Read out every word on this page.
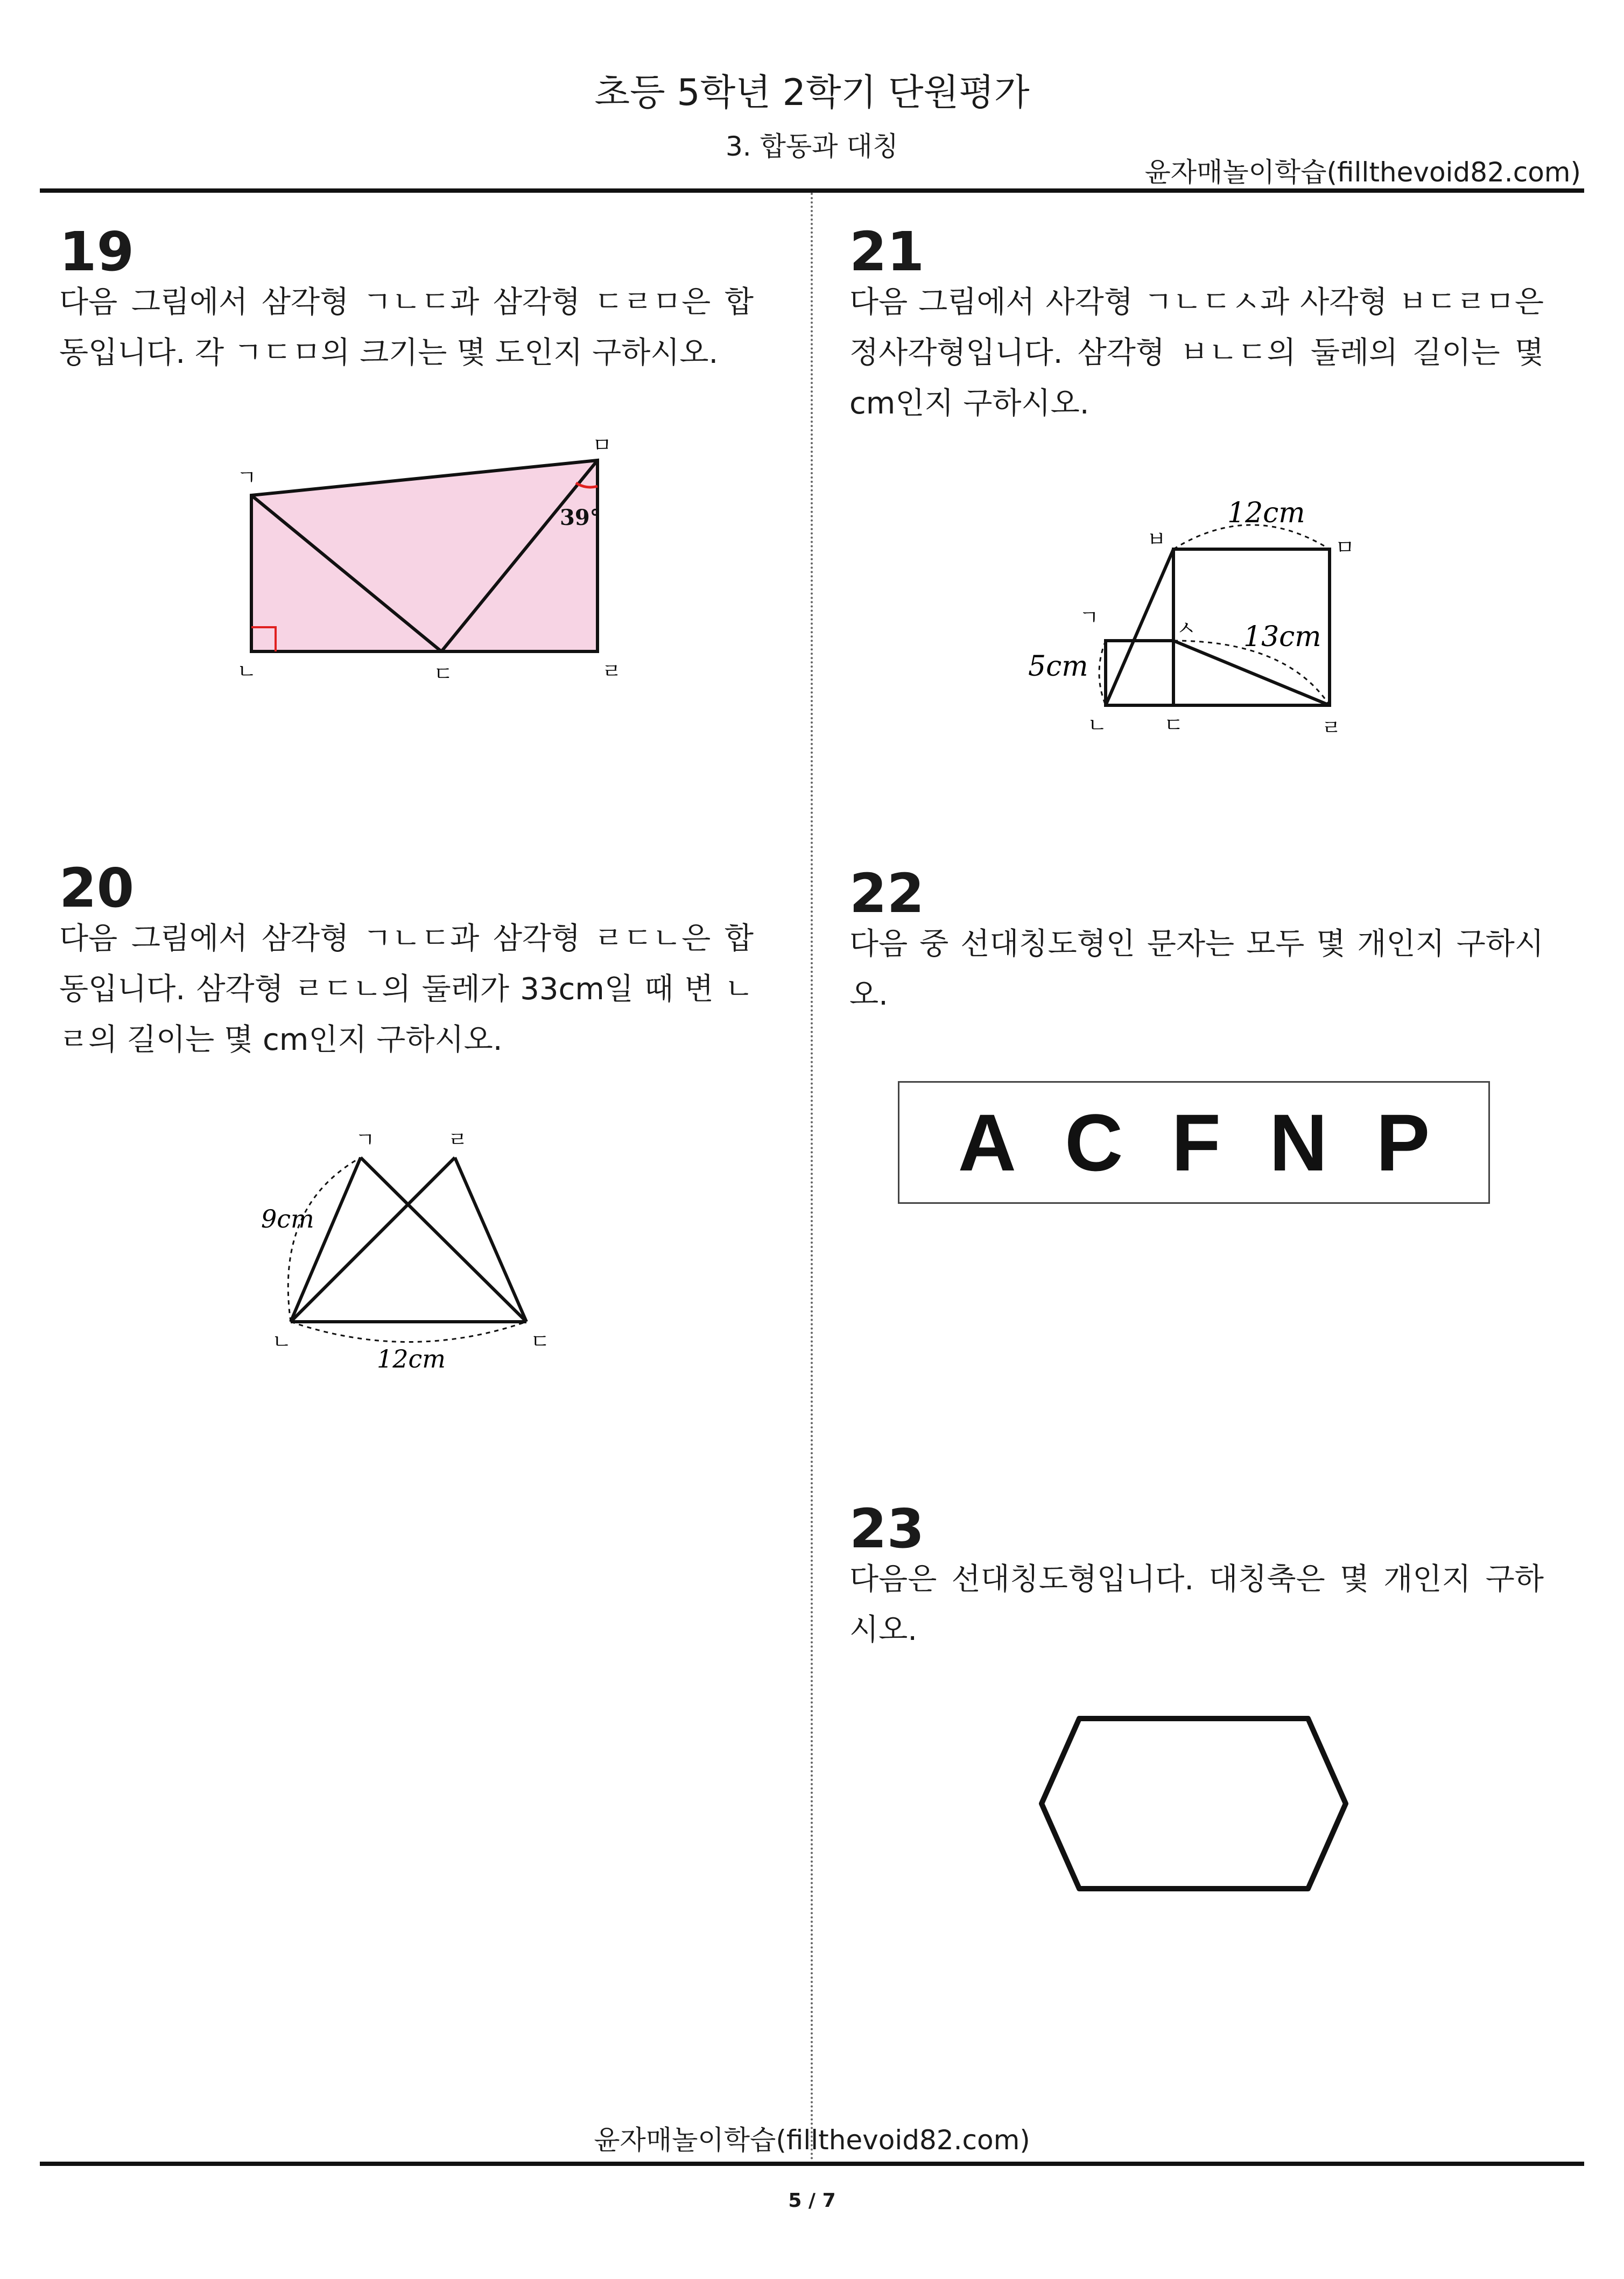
초등 5학년 2학기 단원평가
3. 합동과 대칭
윤자매놀이학습(fillthevoid82.com)
19
다음 그림에서 삼각형 ㄱㄴㄷ과 삼각형 ㄷㄹㅁ은 합동입니다. 각 ㄱㄷㅁ의 크기는 몇 도인지 구하시오.
39°
ㄱ
ㄴ	ㄷ	ㄹ
ㅁ
20
다음 그림에서 삼각형 ㄱㄴㄷ과 삼각형 ㄹㄷㄴ은 합동입니다. 삼각형 ㄹㄷㄴ의 둘레가 33cm일 때 변 ㄴㄹ의 길이는 몇 cm인지 구하시오.
9cm
12cm
ㄱ	ㄹ
ㄴ	ㄷ
21
다음 그림에서 사각형 ㄱㄴㄷㅅ과 사각형 ㅂㄷㄹㅁ은 정사각형입니다. 삼각형 ㅂㄴㄷ의 둘레의 길이는 몇 cm인지 구하시오.
12cm
5cm
13cm
ㅂ	ㅁ
ㄱ	ㅅ
ㄴ	ㄷ	ㄹ
22
다음 중 선대칭도형인 문자는 모두 몇 개인지 구하시오.
A C F N P
23
다음은 선대칭도형입니다. 대칭축은 몇 개인지 구하시오.
윤자매놀이학습(fillthevoid82.com)
5 / 7
